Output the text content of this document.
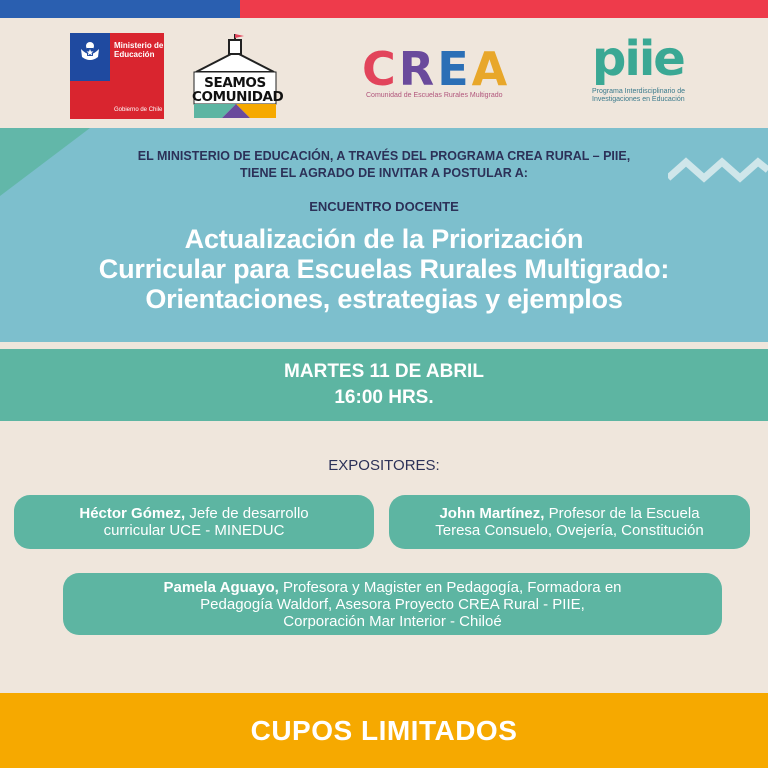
Ministerio de
Educación
Gobierno de Chile
SEAMOS
COMUNIDAD
C R E A
Comunidad de Escuelas Rurales Multigrado
piie
Programa Interdisciplinario de
Investigaciones en Educación
EL MINISTERIO DE EDUCACIÓN, A TRAVÉS DEL PROGRAMA CREA RURAL – PIIE,
TIENE EL AGRADO DE INVITAR A POSTULAR A:
ENCUENTRO DOCENTE
Actualización de la Priorización
Curricular para Escuelas Rurales Multigrado:
Orientaciones, estrategias y ejemplos
MARTES 11 DE ABRIL
16:00 HRS.
EXPOSITORES:
Héctor Gómez, Jefe de desarrollo
curricular UCE - MINEDUC
John Martínez, Profesor de la Escuela
Teresa Consuelo, Ovejería, Constitución
Pamela Aguayo, Profesora y Magister en Pedagogía, Formadora en
Pedagogía Waldorf, Asesora Proyecto CREA Rural - PIIE,
Corporación Mar Interior - Chiloé
CUPOS LIMITADOS
